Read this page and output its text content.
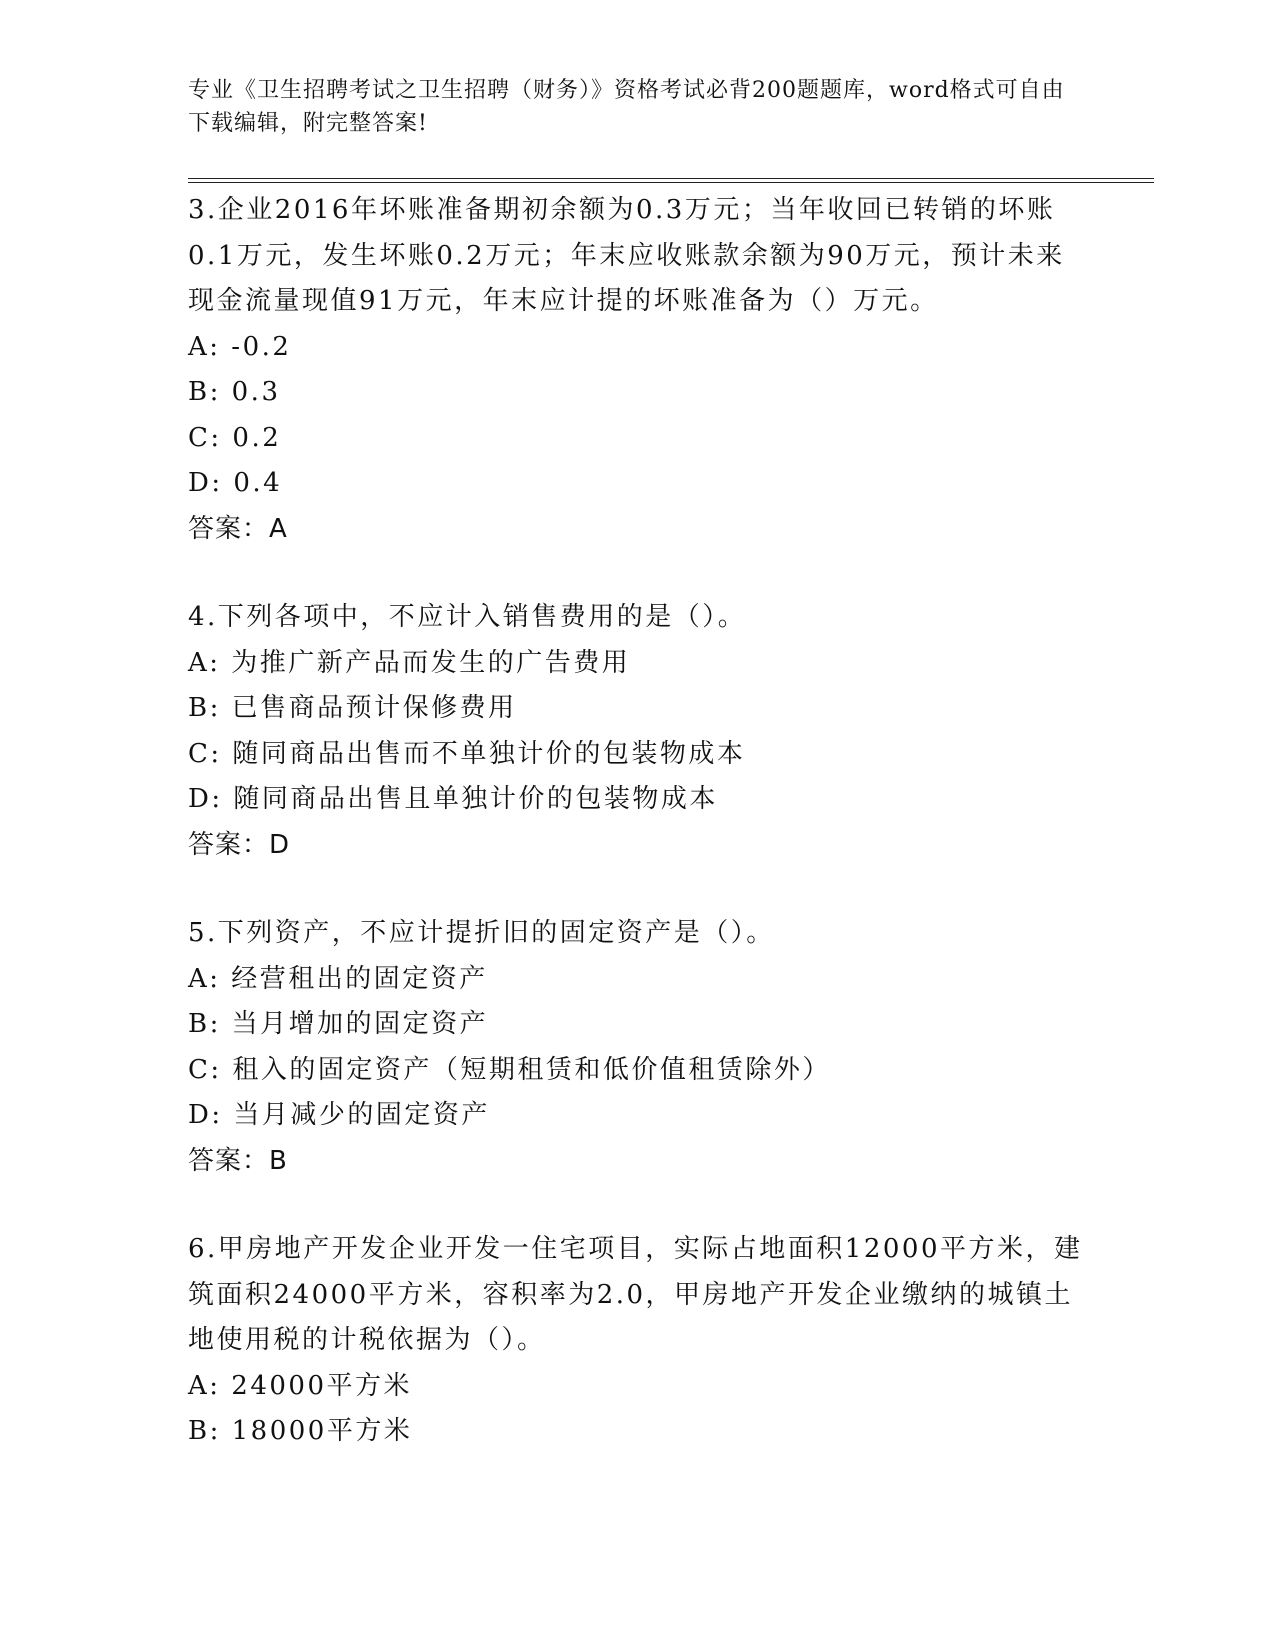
专业《卫生招聘考试之卫生招聘（财务）》资格考试必背200题题库，word格式可自由下载编辑，附完整答案!

3.企业2016年坏账准备期初余额为0.3万元；当年收回已转销的坏账0.1万元，发生坏账0.2万元；年末应收账款余额为90万元，预计未来现金流量现值91万元，年末应计提的坏账准备为（）万元。

A: -0.2

B: 0.3

C: 0.2

D: 0.4

答案：A

4.下列各项中，不应计入销售费用的是（）。

A: 为推广新产品而发生的广告费用

B: 已售商品预计保修费用

C: 随同商品出售而不单独计价的包装物成本

D: 随同商品出售且单独计价的包装物成本

答案：D

5.下列资产，不应计提折旧的固定资产是（）。

A: 经营租出的固定资产

B: 当月增加的固定资产

C: 租入的固定资产（短期租赁和低价值租赁除外）

D: 当月减少的固定资产

答案：B

6.甲房地产开发企业开发一住宅项目，实际占地面积12000平方米，建筑面积24000平方米，容积率为2.0，甲房地产开发企业缴纳的城镇土地使用税的计税依据为（）。

A: 24000平方米

B: 18000平方米
